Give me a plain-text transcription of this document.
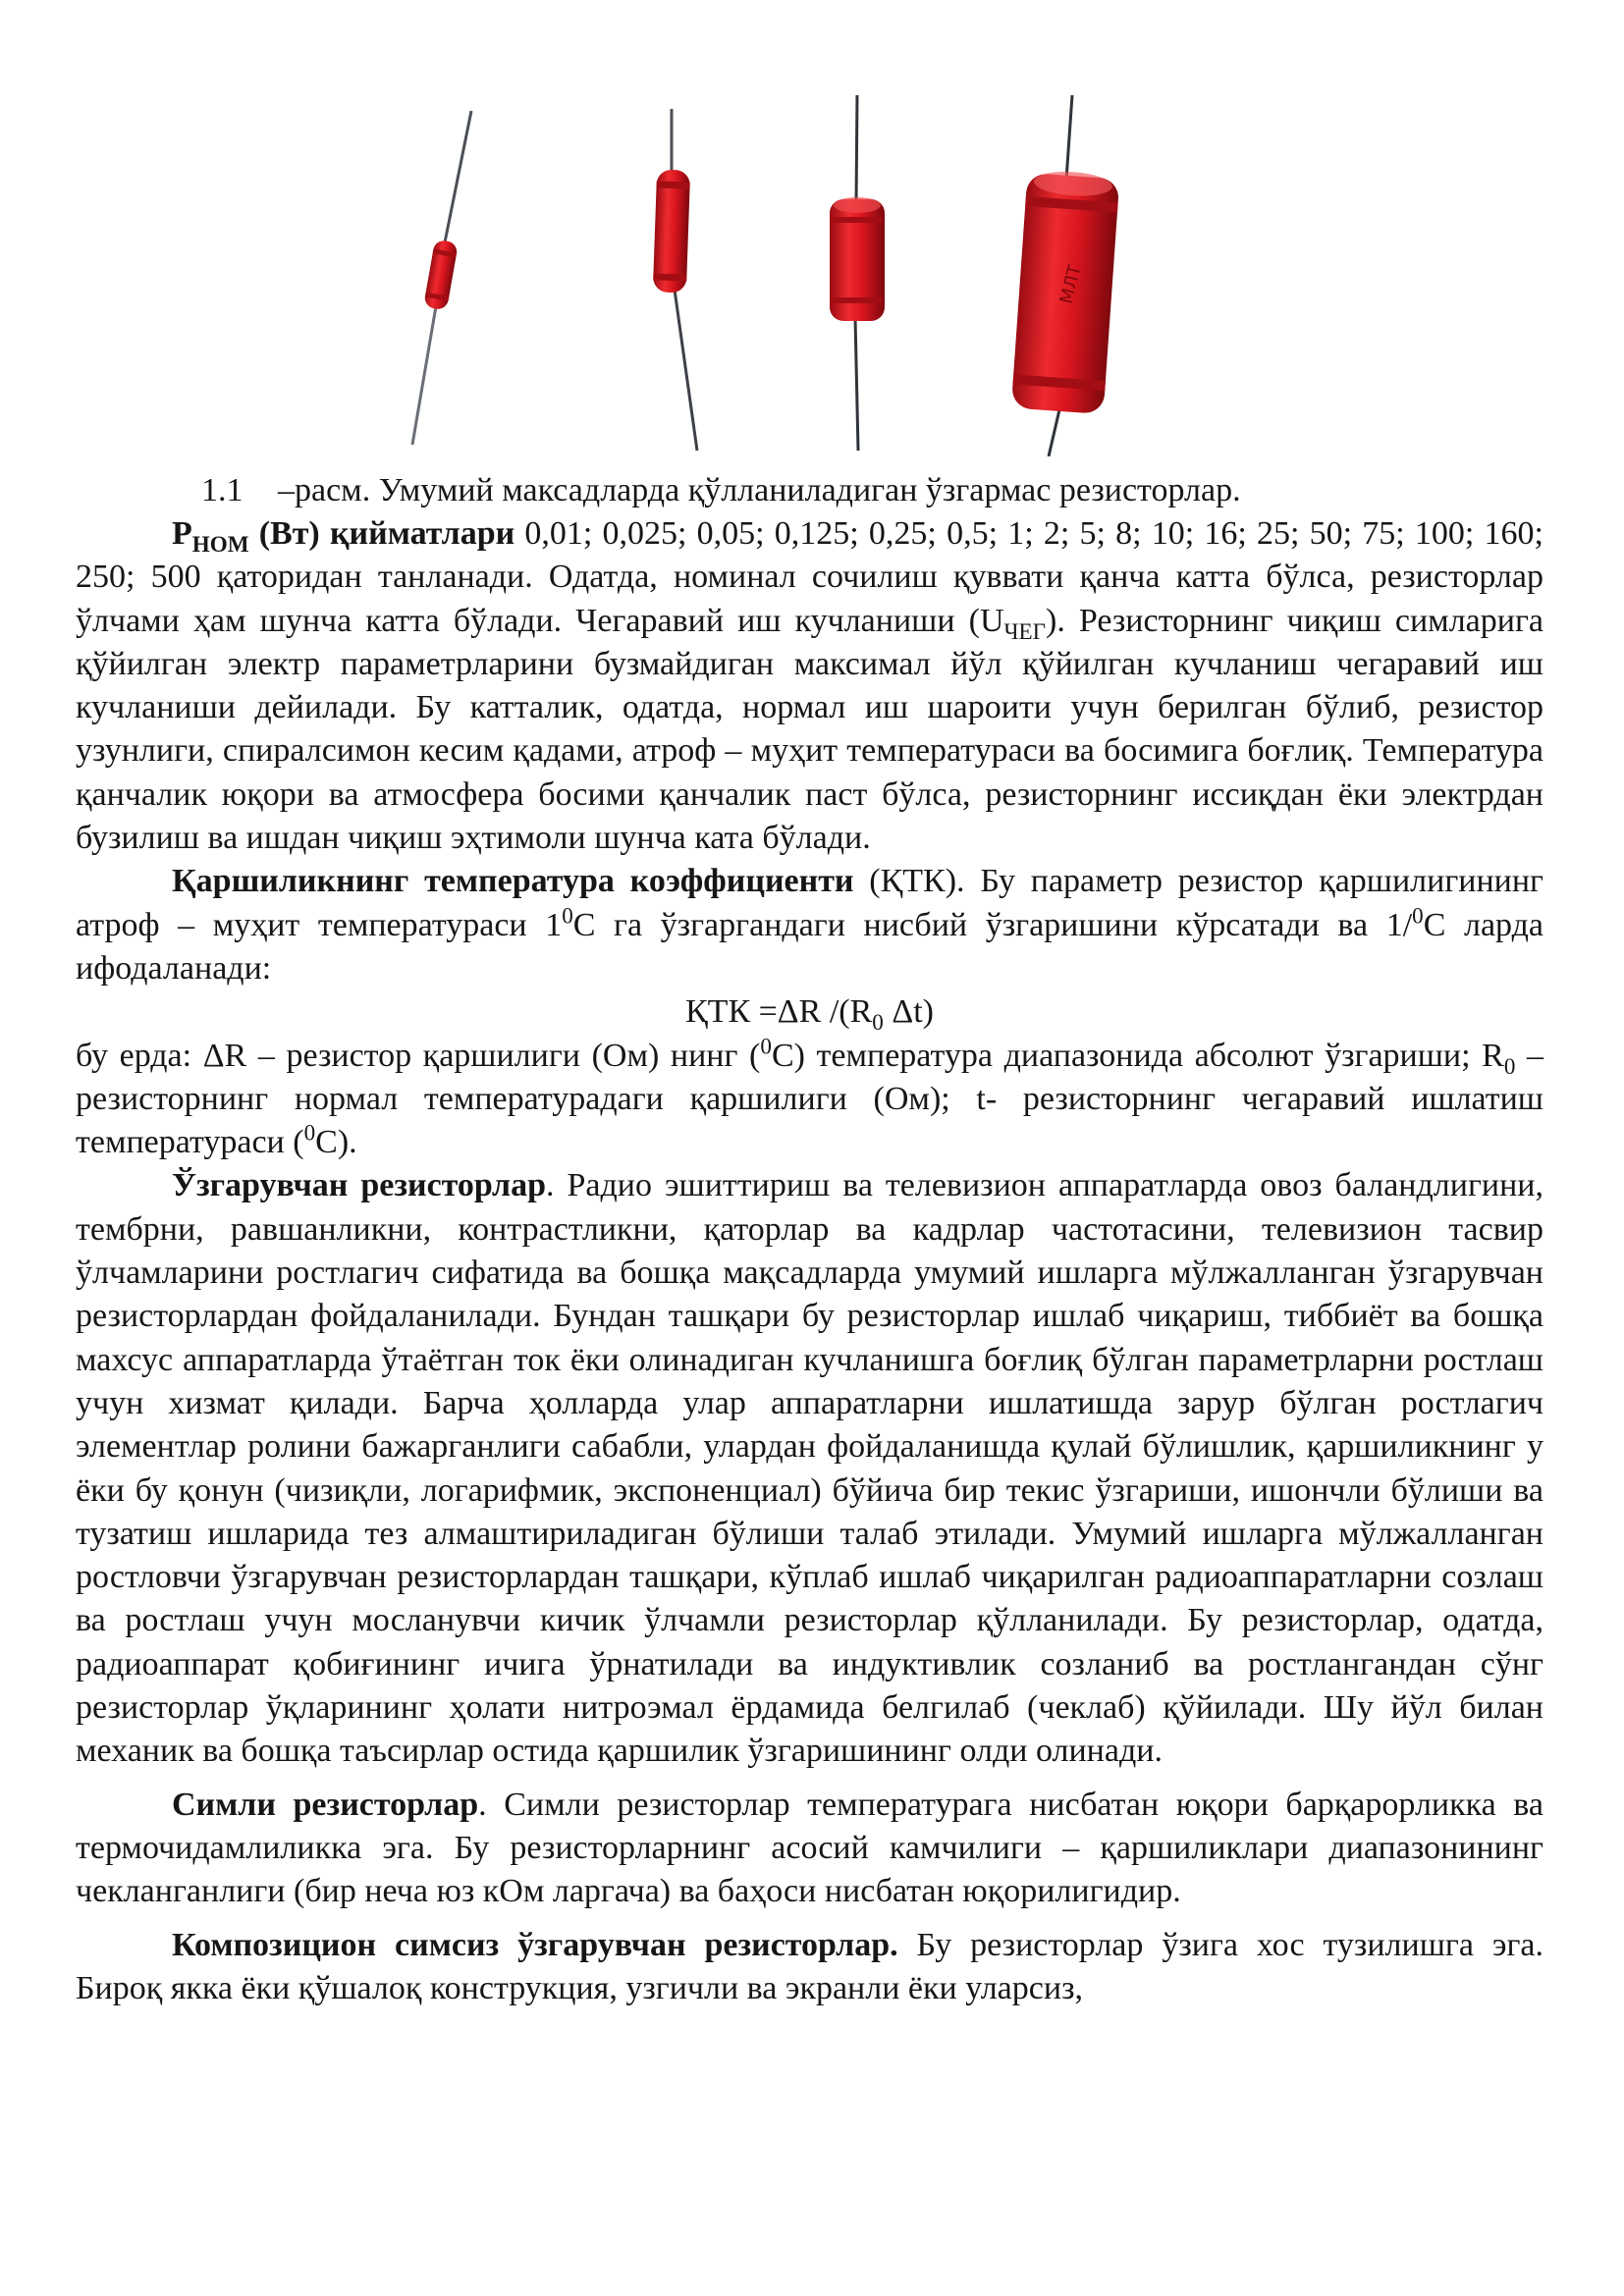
МЛТ
1.1 –расм. Умумий максадларда қўлланиладиган ўзгармас резисторлар.

$Р_{НОМ}$ (Вт) қийматлари 0,01; 0,025; 0,05; 0,125; 0,25; 0,5; 1; 2; 5; 8; 10; 16; 25; 50; 75; 100; 160; 250; 500 қаторидан танланади. Одатда, номинал сочилиш қуввати қанча катта бўлса, резисторлар ўлчами ҳам шунча катта бўлади. Чегаравий иш кучланиши $(U_{ЧЕГ})$. Резисторнинг чиқиш симларига қўйилган электр параметрларини бузмайдиган максимал йўл қўйилган кучланиш чегаравий иш кучланиши дейилади. Бу катталик, одатда, нормал иш шароити учун берилган бўлиб, резистор узунлиги, спиралсимон кесим қадами, атроф – муҳит температураси ва босимига боғлиқ. Температура қанчалик юқори ва атмосфера босими қанчалик паст бўлса, резисторнинг иссиқдан ёки электрдан бузилиш ва ишдан чиқиш эҳтимоли шунча ката бўлади.

Қаршиликнинг температура коэффициенти (ҚТК). Бу параметр резистор қаршилигининг атроф – муҳит температураси $1^0С$ га ўзгаргандаги нисбий ўзгаришини кўрсатади ва 1/$^0$С ларда ифодаланади:

ҚТК =ΔR $/(R_0$ Δt)

бу ерда: ΔR – резистор қаршилиги (Ом) нинг ($^0$С) температура диапазонида абсолют ўзгариши; $R_0$ – резисторнинг нормал температурадаги қаршилиги (Ом); t- резисторнинг чегаравий ишлатиш температураси ($^0$С).

Ўзгарувчан резисторлар. Радио эшиттириш ва телевизион аппаратларда овоз баландлигини, тембрни, равшанликни, контрастликни, қаторлар ва кадрлар частотасини, телевизион тасвир ўлчамларини ростлагич сифатида ва бошқа мақсадларда умумий ишларга мўлжалланган ўзгарувчан резисторлардан фойдаланилади. Бундан ташқари бу резисторлар ишлаб чиқариш, тиббиёт ва бошқа махсус аппаратларда ўтаётган ток ёки олинадиган кучланишга боғлиқ бўлган параметрларни ростлаш учун хизмат қилади. Барча ҳолларда улар аппаратларни ишлатишда зарур бўлган ростлагич элементлар ролини бажарганлиги сабабли, улардан фойдаланишда қулай бўлишлик, қаршиликнинг у ёки бу қонун (чизиқли, логарифмик, экспоненциал) бўйича бир текис ўзгариши, ишончли бўлиши ва тузатиш ишларида тез алмаштириладиган бўлиши талаб этилади. Умумий ишларга мўлжалланган ростловчи ўзгарувчан резисторлардан ташқари, кўплаб ишлаб чиқарилган радиоаппаратларни созлаш ва ростлаш учун мосланувчи кичик ўлчамли резисторлар қўлланилади. Бу резисторлар, одатда, радиоаппарат қобиғининг ичига ўрнатилади ва индуктивлик созланиб ва ростлангандан сўнг резисторлар ўқларининг ҳолати нитроэмал ёрдамида белгилаб (чеклаб) қўйилади. Шу йўл билан механик ва бошқа таъсирлар остида қаршилик ўзгаришининг олди олинади.

Симли резисторлар. Симли резисторлар температурага нисбатан юқори барқарорликка ва термочидамлиликка эга. Бу резисторларнинг асосий камчилиги – қаршиликлари диапазонининг чекланганлиги (бир неча юз кОм ларгача) ва баҳоси нисбатан юқорилигидир.

Композицион симсиз ўзгарувчан резисторлар. Бу резисторлар ўзига хос тузилишга эга. Бироқ якка ёки қўшалоқ конструкция, узгичли ва экранли ёки уларсиз,
